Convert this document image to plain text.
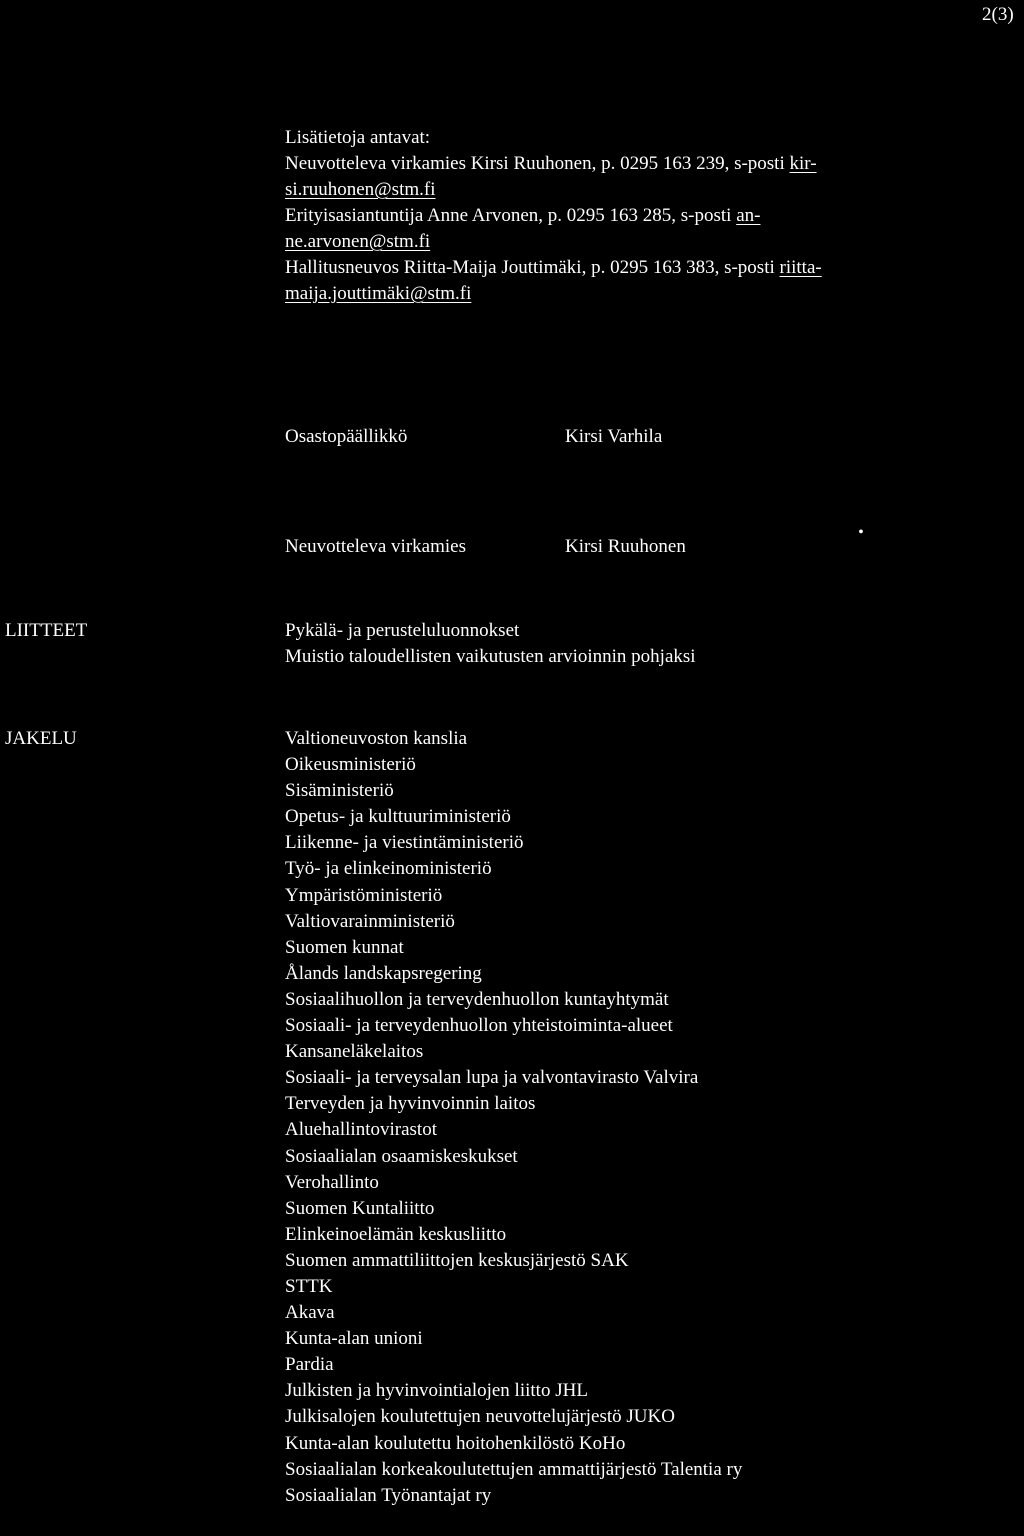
2(3)
Lisätietoja antavat:
Neuvotteleva virkamies Kirsi Ruuhonen, p. 0295 163 239, s-posti kir-
si.ruuhonen@stm.fi
Erityisasiantuntija Anne Arvonen, p. 0295 163 285, s-posti an-
ne.arvonen@stm.fi
Hallitusneuvos Riitta-Maija Jouttimäki, p. 0295 163 383, s-posti riitta-
maija.jouttimäki@stm.fi
Osastopäällikkö	Kirsi Varhila
Neuvotteleva virkamies	Kirsi Ruuhonen
•
LIITTEET	Pykälä- ja perusteluluonnokset
Muistio taloudellisten vaikutusten arvioinnin pohjaksi
JAKELU	Valtioneuvoston kanslia
Oikeusministeriö
Sisäministeriö
Opetus- ja kulttuuriministeriö
Liikenne- ja viestintäministeriö
Työ- ja elinkeinoministeriö
Ympäristöministeriö
Valtiovarainministeriö
Suomen kunnat
Ålands landskapsregering
Sosiaalihuollon ja terveydenhuollon kuntayhtymät
Sosiaali- ja terveydenhuollon yhteistoiminta-alueet
Kansaneläkelaitos
Sosiaali- ja terveysalan lupa ja valvontavirasto Valvira
Terveyden ja hyvinvoinnin laitos
Aluehallintovirastot
Sosiaalialan osaamiskeskukset
Verohallinto
Suomen Kuntaliitto
Elinkeinoelämän keskusliitto
Suomen ammattiliittojen keskusjärjestö SAK
STTK
Akava
Kunta-alan unioni
Pardia
Julkisten ja hyvinvointialojen liitto JHL
Julkisalojen koulutettujen neuvottelujärjestö JUKO
Kunta-alan koulutettu hoitohenkilöstö KoHo
Sosiaalialan korkeakoulutettujen ammattijärjestö Talentia ry
Sosiaalialan Työnantajat ry
